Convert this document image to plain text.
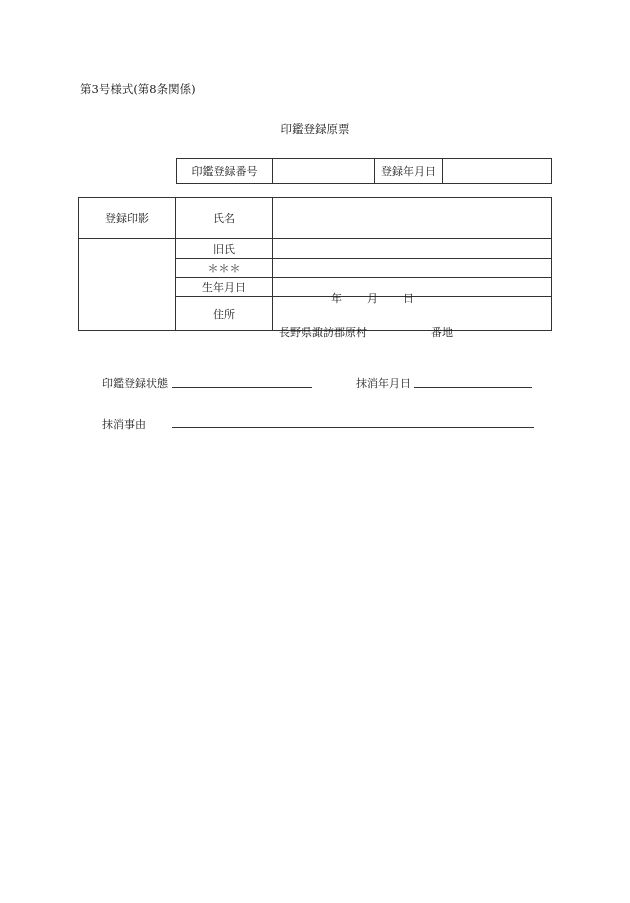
第3号様式(第8条関係)
印鑑登録原票
印鑑登録番号		登録年月日	
登録印影	氏名	
	旧氏	
	＊＊＊	
	生年月日	年 月 日

	住所	長野県諏訪郡原村 番地
印鑑登録状態	抹消年月日
抹消事由
